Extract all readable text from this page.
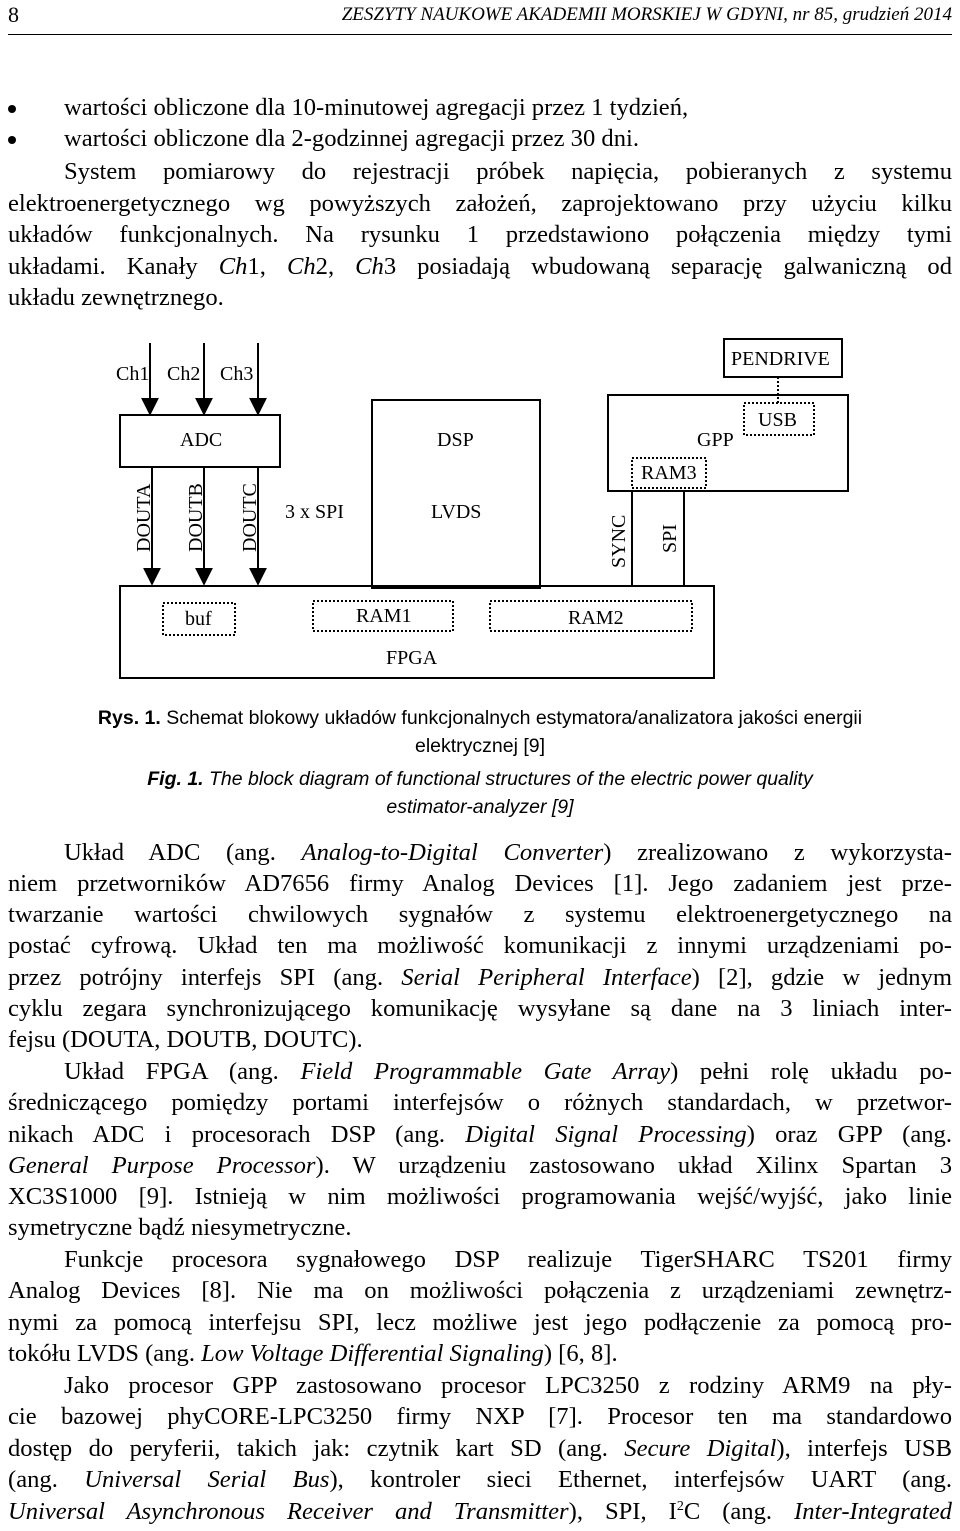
8	ZESZYTY NAUKOWE AKADEMII MORSKIEJ W GDYNI, nr 85, grudzień 2014
wartości obliczone dla 10-minutowej agregacji przez 1 tydzień,
wartości obliczone dla 2-godzinnej agregacji przez 30 dni.
System pomiarowy do rejestracji próbek napięcia, pobieranych z systemu
elektroenergetycznego wg powyższych założeń, zaprojektowano przy użyciu kilku
układów funkcjonalnych. Na rysunku 1 przedstawiono połączenia między tymi
układami. Kanały Ch1, Ch2, Ch3 posiadają wbudowaną separację galwaniczną od
układu zewnętrznego.
Ch1 Ch2 Ch3
ADC	DSP
LVDS
GPP
USB
RAM3
PENDRIVE
DOUTA DOUTB DOUTC 3 x SPI
SYNC SPI
buf	RAM1	RAM2
FPGA
Rys. 1. Schemat blokowy układów funkcjonalnych estymatora/analizatora jakości energii
elektrycznej [9]
Fig. 1. The block diagram of functional structures of the electric power quality
estimator-analyzer [9]
Układ ADC (ang. Analog-to-Digital Converter) zrealizowano z wykorzysta-
niem przetworników AD7656 firmy Analog Devices [1]. Jego zadaniem jest prze-
twarzanie wartości chwilowych sygnałów z systemu elektroenergetycznego na
postać cyfrową. Układ ten ma możliwość komunikacji z innymi urządzeniami po-
przez potrójny interfejs SPI (ang. Serial Peripheral Interface) [2], gdzie w jednym
cyklu zegara synchronizującego komunikację wysyłane są dane na 3 liniach inter-
fejsu (DOUTA, DOUTB, DOUTC).
Układ FPGA (ang. Field Programmable Gate Array) pełni rolę układu po-
średniczącego pomiędzy portami interfejsów o różnych standardach, w przetwor-
nikach ADC i procesorach DSP (ang. Digital Signal Processing) oraz GPP (ang.
General Purpose Processor). W urządzeniu zastosowano układ Xilinx Spartan 3
XC3S1000 [9]. Istnieją w nim możliwości programowania wejść/wyjść, jako linie
symetryczne bądź niesymetryczne.
Funkcje procesora sygnałowego DSP realizuje TigerSHARC TS201 firmy
Analog Devices [8]. Nie ma on możliwości połączenia z urządzeniami zewnętrz-
nymi za pomocą interfejsu SPI, lecz możliwe jest jego podłączenie za pomocą pro-
tokółu LVDS (ang. Low Voltage Differential Signaling) [6, 8].
Jako procesor GPP zastosowano procesor LPC3250 z rodziny ARM9 na pły-
cie bazowej phyCORE-LPC3250 firmy NXP [7]. Procesor ten ma standardowo
dostęp do peryferii, takich jak: czytnik kart SD (ang. Secure Digital), interfejs USB
(ang. Universal Serial Bus), kontroler sieci Ethernet, interfejsów UART (ang.
Universal Asynchronous Receiver and Transmitter), SPI, $I^2C$ (ang. Inter-Integrated
